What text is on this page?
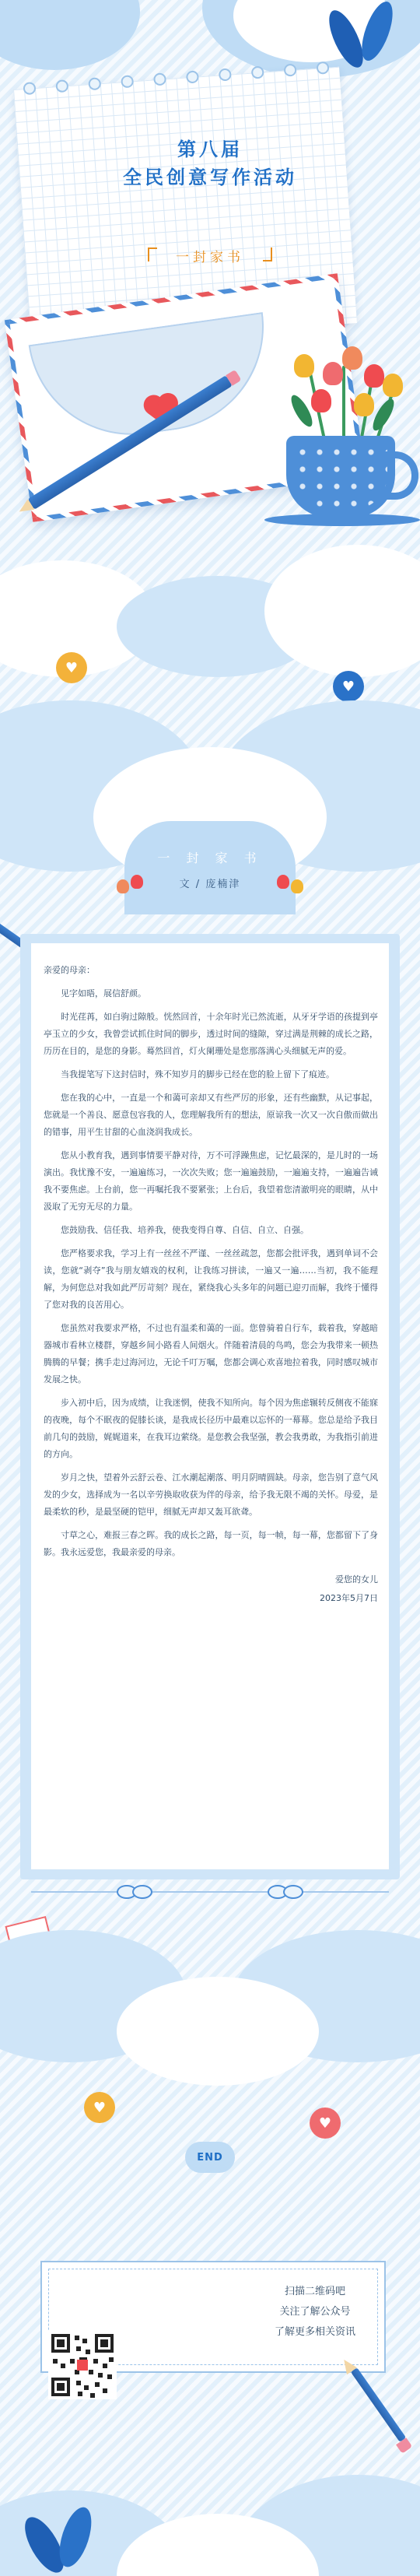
第八届
全民创意写作活动
一封家书
♥
♥
一 封 家 书
文 / 庞楠津

亲爱的母亲：

见字如晤，展信舒颜。

时光荏苒，如白驹过隙般。恍然回首，十余年时光已然流逝，从牙牙学语的孩提到亭亭玉立的少女，我曾尝试抓住时间的脚步，透过时间的缝隙，穿过满是荆棘的成长之路，历历在目的，是您的身影。蓦然回首，灯火阑珊处是您那落满心头细腻无声的爱。

当我提笔写下这封信时，殊不知岁月的脚步已经在您的脸上留下了痕迹。

您在我的心中，一直是一个和蔼可亲却又有些严厉的形象，还有些幽默，从记事起，您就是一个善良、愿意包容我的人，您理解我所有的想法，原谅我一次又一次自傲而做出的错事，用平生甘甜的心血浇润我成长。

您从小教育我，遇到事情要平静对待，万不可浮躁焦虑，记忆最深的，是儿时的一场演出。我忧豫不安，一遍遍练习，一次次失败；您一遍遍鼓励，一遍遍支持，一遍遍告诫我不要焦虑。上台前，您一再嘱托我不要紧张；上台后，我望着您清澈明亮的眼睛，从中汲取了无穷无尽的力量。

您鼓励我、信任我、培养我，使我变得自尊、自信、自立、自强。

您严格要求我，学习上有一丝丝不严谨、一丝丝疏忽，您都会批评我，遇到单词不会读，您就“剥夺”我与朋友嬉戏的权利，让我练习拼读，一遍又一遍……当初，我不能理解，为何您总对我如此严厉苛刻？现在，紧绕我心头多年的问题已迎刃而解，我终于懂得了您对我的良苦用心。

您虽然对我要求严格，不过也有温柔和蔼的一面。您曾骑着自行车，载着我，穿越暗器城市看林立楼群，穿越乡间小路看人间烟火。伴随着清晨的鸟鸣，您会为我带来一顿热腾腾的早餐；携手走过海河边，无论千叮万嘱，您都会调心欢喜地拉着我，同时感叹城市发展之快。

步入初中后，因为成绩，让我迷惘，使我不知所向。每个因为焦虑辗转反侧夜不能寐的夜晚，每个不眠夜的促膝长谈，是我成长径历中最难以忘怀的一幕幕。您总是给予我目前几句的鼓励，娓娓道来，在我耳边萦绕。是您教会我坚强，教会我勇敢，为我指引前进的方向。

岁月之快，望着外云舒云卷、江水潮起潮落、明月阴晴圆缺。母亲，您告别了意气风发的少女，选择成为一名以辛劳换取收获为伴的母亲，给予我无限不竭的关怀。母爱，是最柔软的秒，是最坚硬的铠甲，细腻无声却又轰耳欲聋。

寸草之心，难报三春之晖。我的成长之路，每一页，每一帧，每一幕，您都留下了身影。我永远爱您，我最亲爱的母亲。

爱您的女儿
2023年5月7日
♥
♥
END
扫描二维码吧
关注了解公众号
了解更多相关资讯
